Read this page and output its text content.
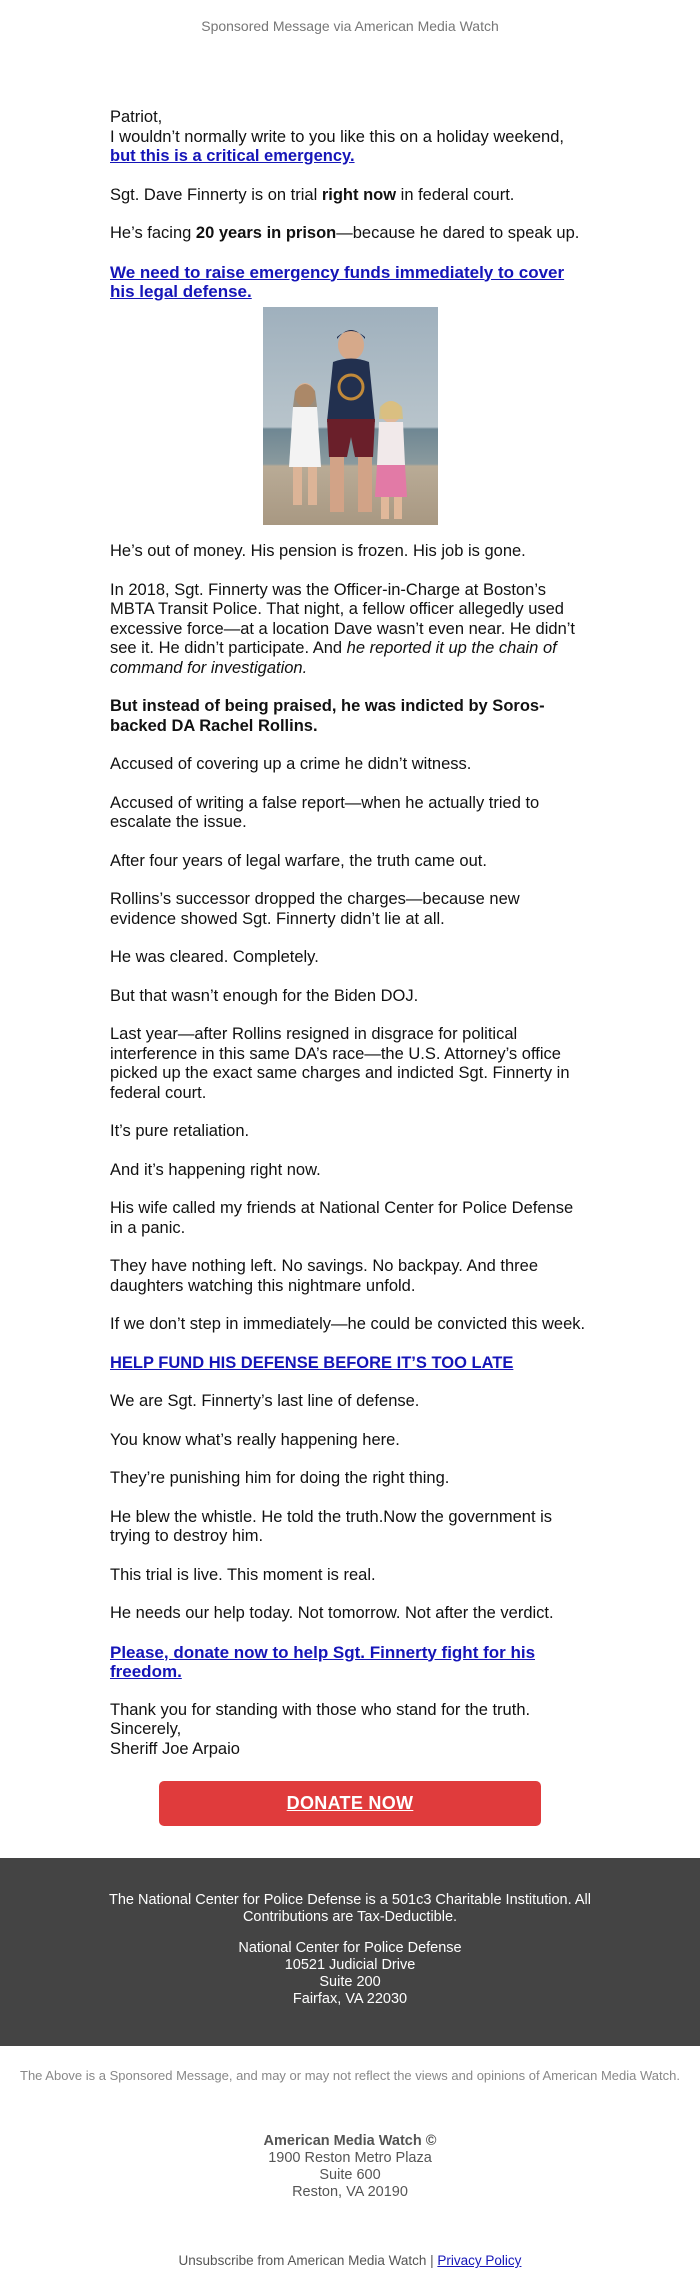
Sponsored Message via American Media Watch

Patriot,
I wouldn’t normally write to you like this on a holiday weekend, but this is a critical emergency.

Sgt. Dave Finnerty is on trial right now in federal court.

He’s facing 20 years in prison—because he dared to speak up.

We need to raise emergency funds immediately to cover his legal defense.

He’s out of money. His pension is frozen. His job is gone.

In 2018, Sgt. Finnerty was the Officer-in-Charge at Boston’s MBTA Transit Police. That night, a fellow officer allegedly used excessive force—at a location Dave wasn’t even near. He didn’t see it. He didn’t participate. And he reported it up the chain of command for investigation.

But instead of being praised, he was indicted by Soros-backed DA Rachel Rollins.

Accused of covering up a crime he didn’t witness.

Accused of writing a false report—when he actually tried to escalate the issue.

After four years of legal warfare, the truth came out.

Rollins’s successor dropped the charges—because new evidence showed Sgt. Finnerty didn’t lie at all.

He was cleared. Completely.

But that wasn’t enough for the Biden DOJ.

Last year—after Rollins resigned in disgrace for political interference in this same DA’s race—the U.S. Attorney’s office picked up the exact same charges and indicted Sgt. Finnerty in federal court.

It’s pure retaliation.

And it’s happening right now.

His wife called my friends at National Center for Police Defense in a panic.

They have nothing left. No savings. No backpay. And three daughters watching this nightmare unfold.

If we don’t step in immediately—he could be convicted this week.

HELP FUND HIS DEFENSE BEFORE IT’S TOO LATE

We are Sgt. Finnerty’s last line of defense.

You know what’s really happening here.

They’re punishing him for doing the right thing.

He blew the whistle. He told the truth.Now the government is trying to destroy him.

This trial is live. This moment is real.

He needs our help today. Not tomorrow. Not after the verdict.

Please, donate now to help Sgt. Finnerty fight for his freedom.

Thank you for standing with those who stand for the truth.
Sincerely,
Sheriff Joe Arpaio

DONATE NOW
The National Center for Police Defense is a 501c3 Charitable Institution. All Contributions are Tax-Deductible.
National Center for Police Defense
10521 Judicial Drive
Suite 200
Fairfax, VA 22030
The Above is a Sponsored Message, and may or may not reflect the views and opinions of American Media Watch.
American Media Watch ©
1900 Reston Metro Plaza
Suite 600
Reston, VA 20190
Unsubscribe from American Media Watch | Privacy Policy
